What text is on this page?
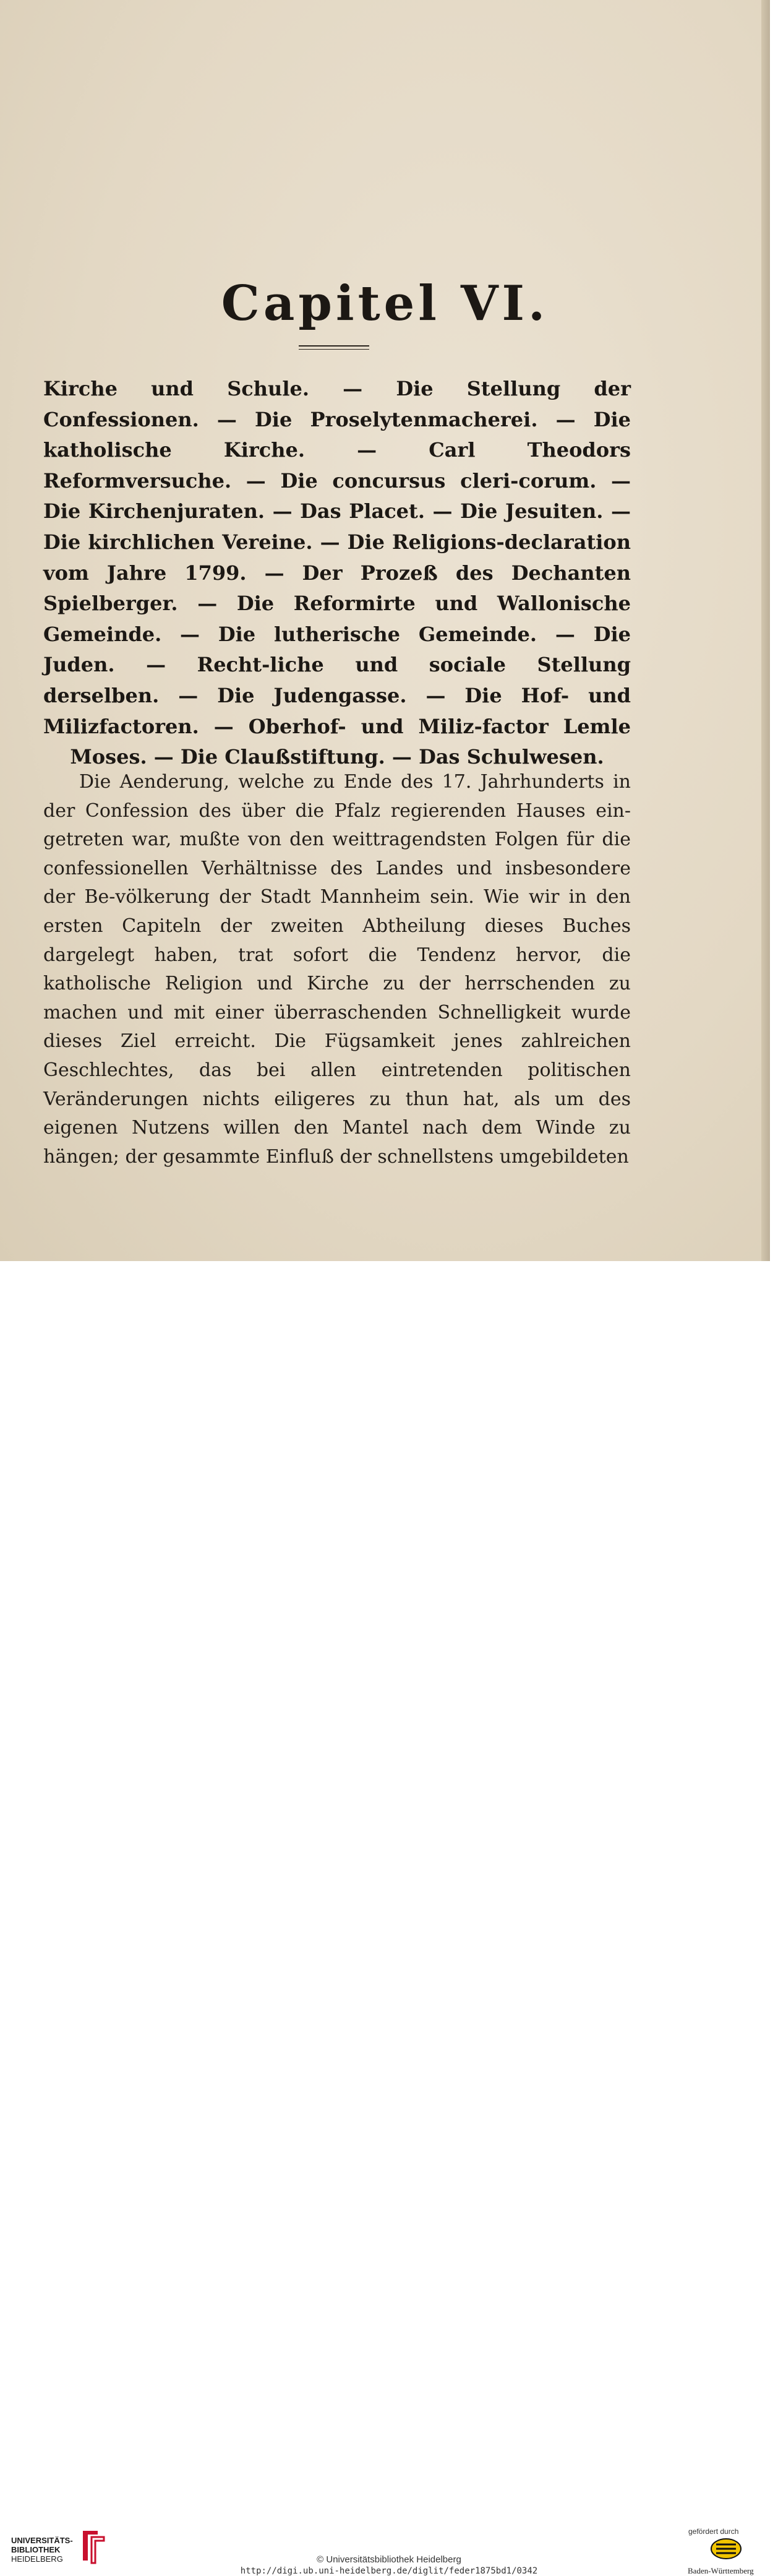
Capitel VI.
Kirche und Schule. — Die Stellung der Confessionen. — Die Proselytenmacherei. — Die katholische Kirche. — Carl Theodors Reformversuche. — Die concursus cleri-corum. — Die Kirchenjuraten. — Das Placet. — Die Jesuiten. — Die kirchlichen Vereine. — Die Religions-declaration vom Jahre 1799. — Der Prozeß des Dechanten Spielberger. — Die Reformirte und Wallonische Gemeinde. — Die lutherische Gemeinde. — Die Juden. — Recht-liche und sociale Stellung derselben. — Die Judengasse. — Die Hof- und Milizfactoren. — Oberhof- und Miliz-factor Lemle Moses. — Die Claußstiftung. — Das Schulwesen.

Die Aenderung, welche zu Ende des 17. Jahrhunderts in der Confession des über die Pfalz regierenden Hauses ein-getreten war, mußte von den weittragendsten Folgen für die confessionellen Verhältnisse des Landes und insbesondere der Be-völkerung der Stadt Mannheim sein. Wie wir in den ersten Capiteln der zweiten Abtheilung dieses Buches dargelegt haben, trat sofort die Tendenz hervor, die katholische Religion und Kirche zu der herrschenden zu machen und mit einer überraschenden Schnelligkeit wurde dieses Ziel erreicht. Die Fügsamkeit jenes zahlreichen Geschlechtes, das bei allen eintretenden politischen Veränderungen nichts eiligeres zu thun hat, als um des eigenen Nutzens willen den Mantel nach dem Winde zu hängen; der gesammte Einfluß der schnellstens umgebildeten

UNIVERSITÄTS-
BIBLIOTHEK
HEIDELBERG	© Universitätsbibliothek Heidelberg
http://digi.ub.uni-heidelberg.de/diglit/feder1875bd1/0342
gefördert durch
Baden-Württemberg
